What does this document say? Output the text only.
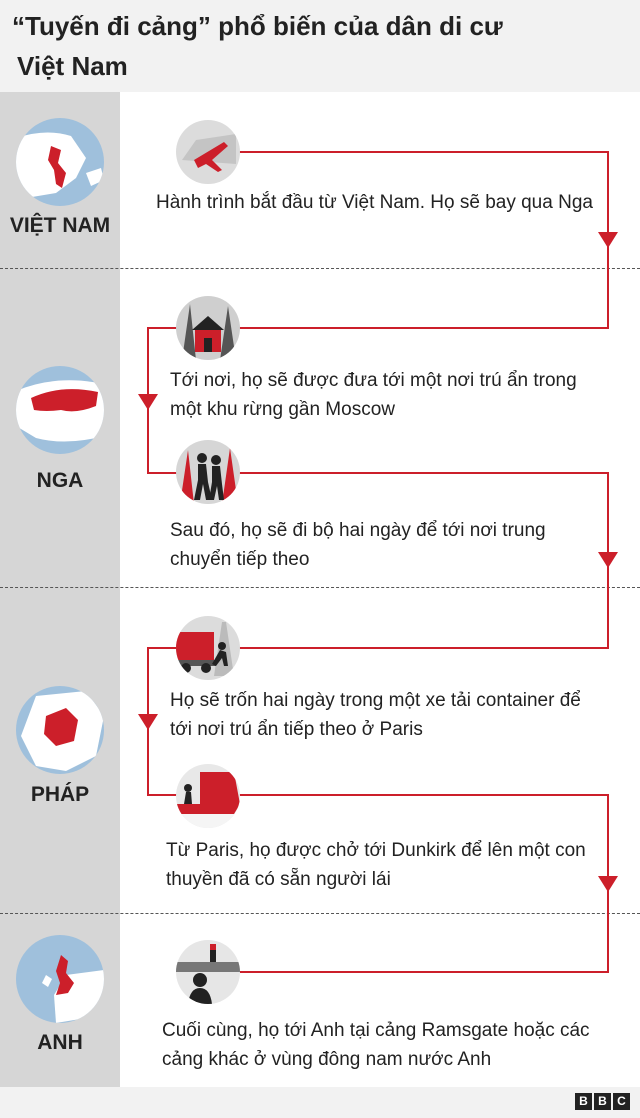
“Tuyến đi cảng” phổ biến của dân di cư
Việt Nam
VIỆT NAM
NGA
PHÁP
ANH
Hành trình bắt đầu từ Việt Nam. Họ sẽ bay qua Nga
Tới nơi, họ sẽ được đưa tới một nơi trú ẩn trong một khu rừng gần Moscow
Sau đó, họ sẽ đi bộ hai ngày để tới nơi trung chuyển tiếp theo
Họ sẽ trốn hai ngày trong một xe tải container để tới nơi trú ẩn tiếp theo ở Paris
Từ Paris, họ được chở tới Dunkirk để lên một con thuyền đã có sẵn người lái
Cuối cùng, họ tới Anh tại cảng Ramsgate hoặc các cảng khác ở vùng đông nam nước Anh
B B C
